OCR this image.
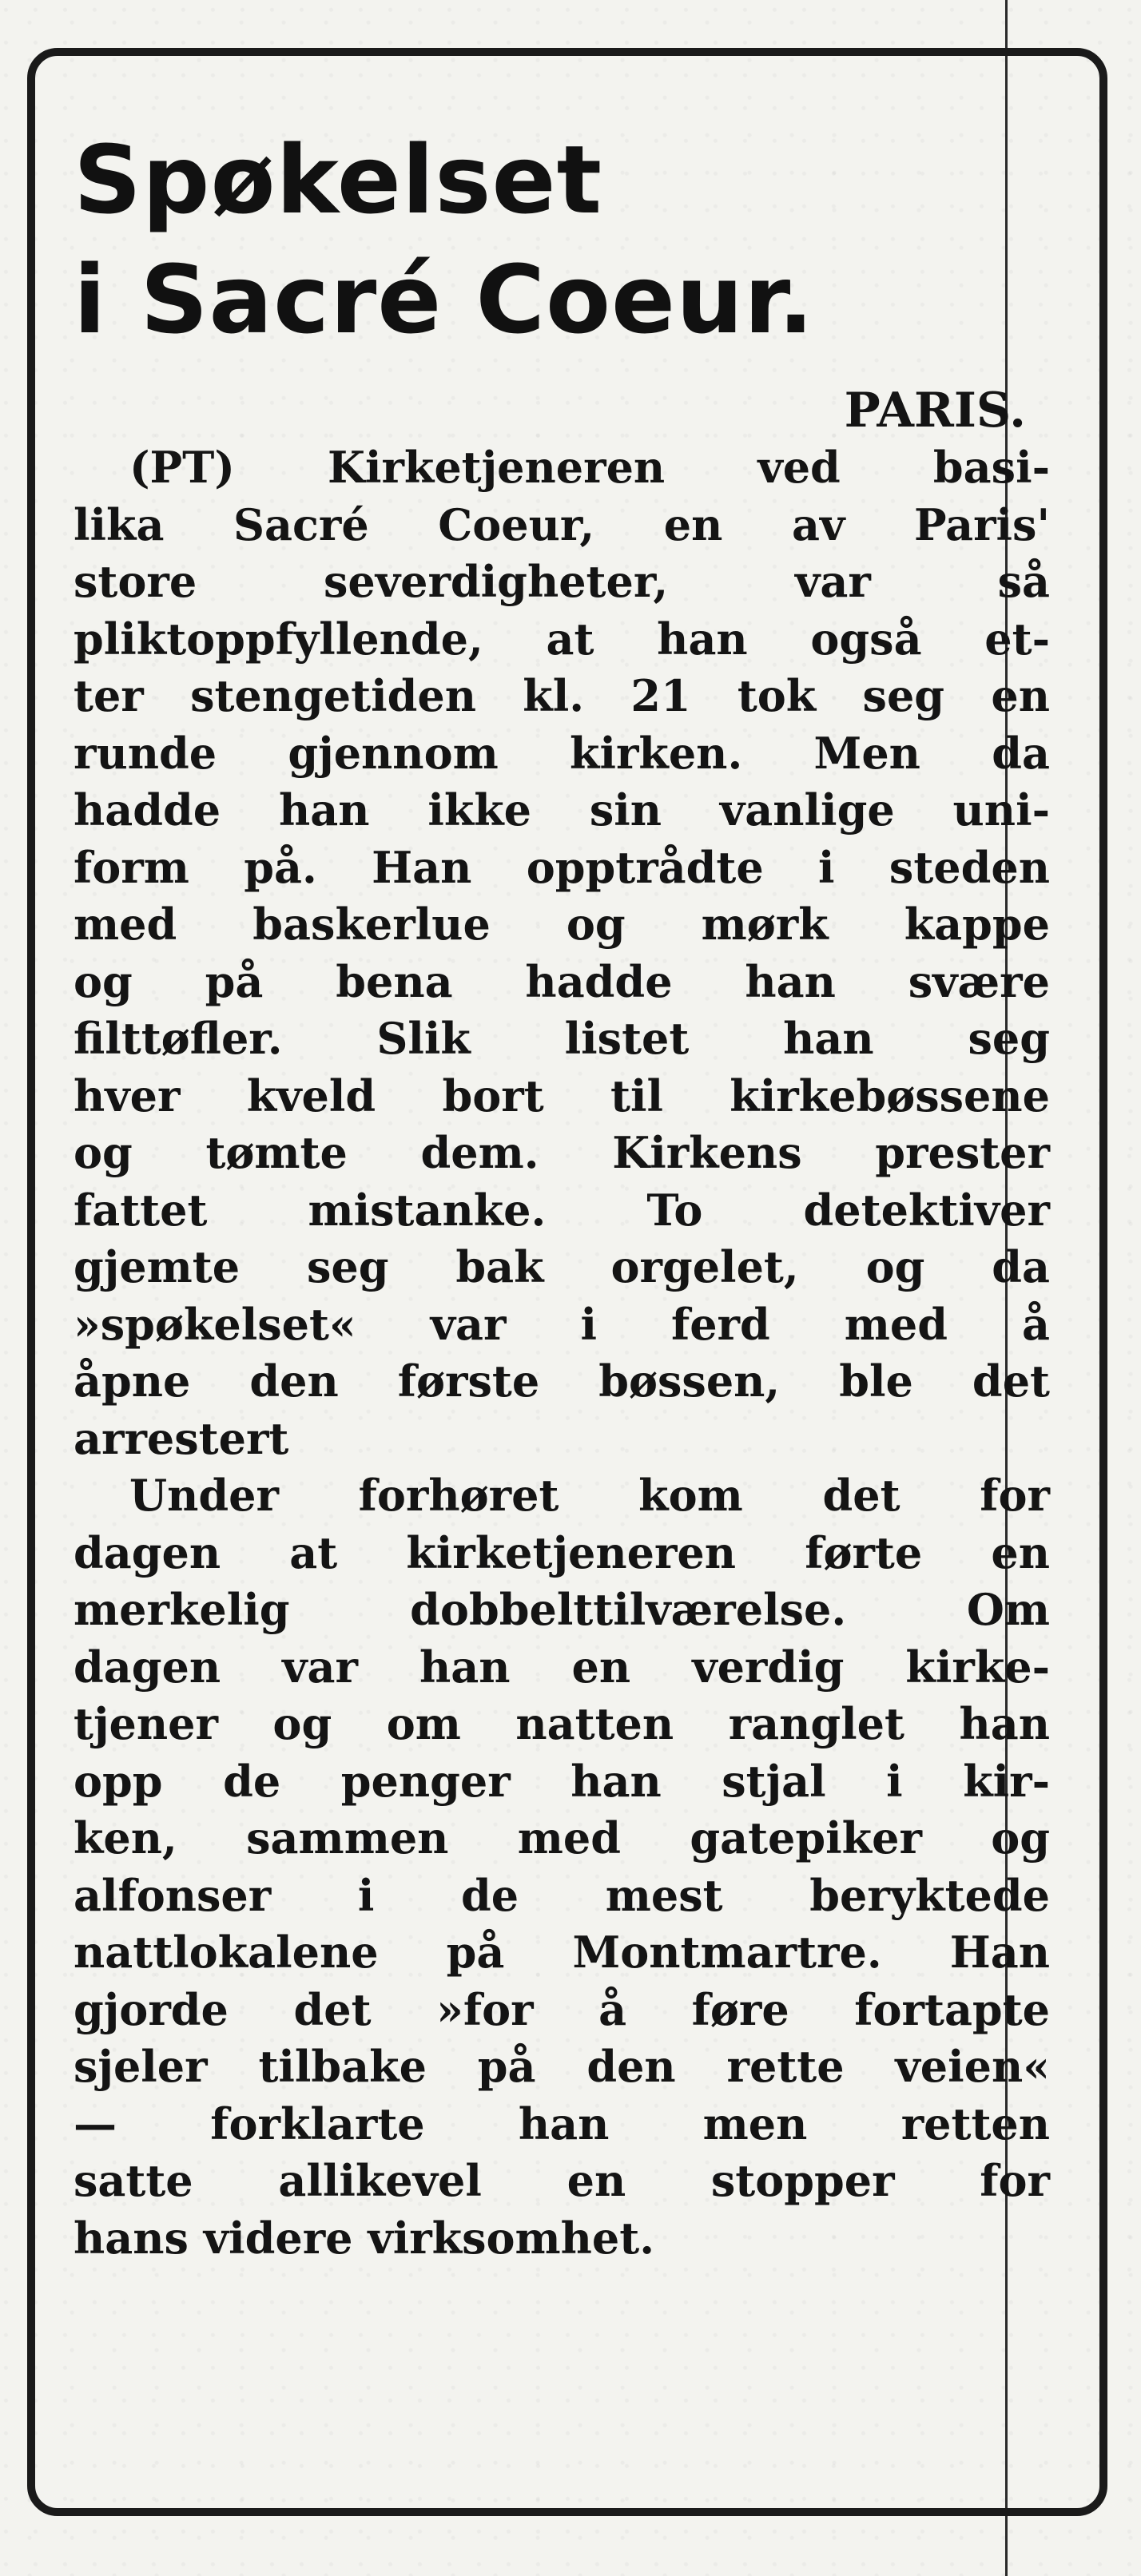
Spøkelset
i Sacré Coeur.
PARIS.
(PT) Kirketjeneren ved basi-
lika Sacré Coeur, en av Paris'
store severdigheter, var så
pliktoppfyllende, at han også et-
ter stengetiden kl. 21 tok seg en
runde gjennom kirken. Men da
hadde han ikke sin vanlige uni-
form på. Han opptrådte i steden
med baskerlue og mørk kappe
og på bena hadde han svære
filttøfler. Slik listet han seg
hver kveld bort til kirkebøssene
og tømte dem. Kirkens prester
fattet mistanke. To detektiver
gjemte seg bak orgelet, og da
»spøkelset« var i ferd med å
åpne den første bøssen, ble det
arrestert
Under forhøret kom det for
dagen at kirketjeneren førte en
merkelig dobbelttilværelse. Om
dagen var han en verdig kirke-
tjener og om natten ranglet han
opp de penger han stjal i kir-
ken, sammen med gatepiker og
alfonser i de mest beryktede
nattlokalene på Montmartre. Han
gjorde det »for å føre fortapte
sjeler tilbake på den rette veien«
— forklarte han men retten
satte allikevel en stopper for
hans videre virksomhet.
